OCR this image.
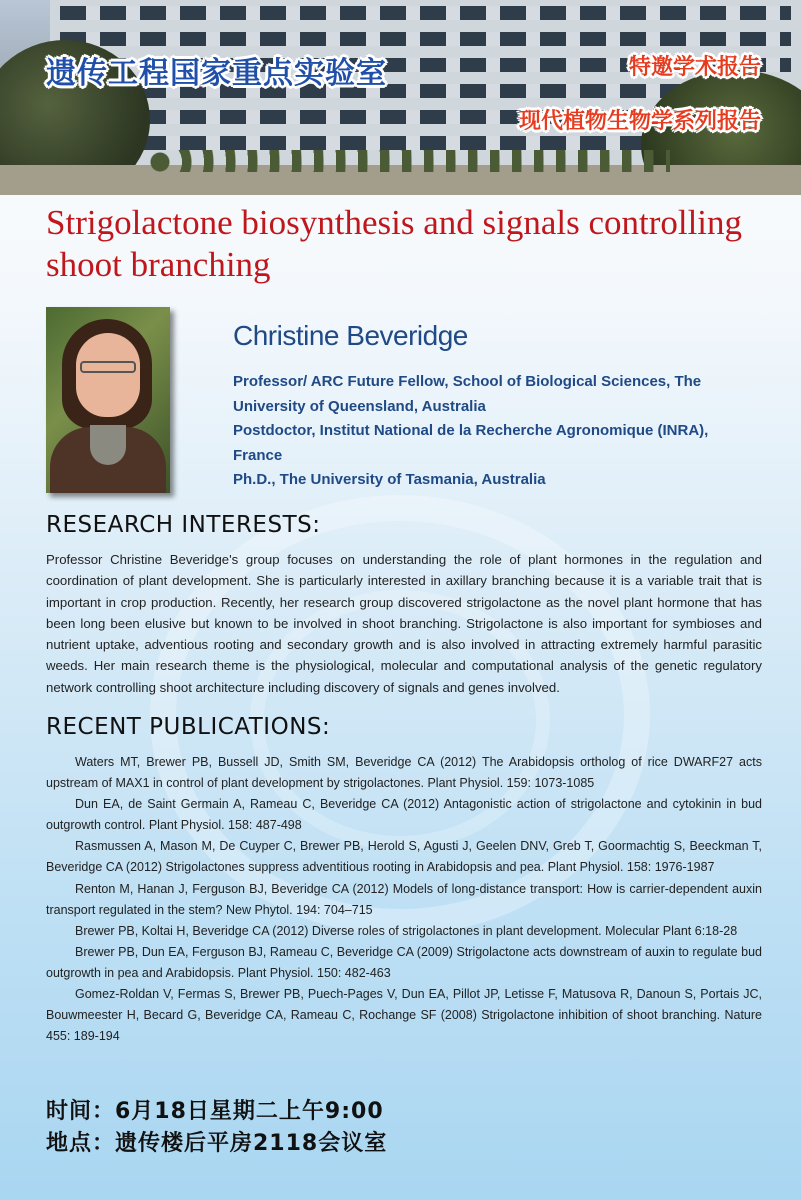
遗传工程国家重点实验室	特邀学术报告
现代植物生物学系列报告
Strigolactone biosynthesis and signals controlling shoot branching
Christine Beveridge
Professor/ ARC Future Fellow, School of Biological Sciences, The University of Queensland, Australia
Postdoctor, Institut National de la Recherche Agronomique (INRA), France
Ph.D., The University of Tasmania, Australia
RESEARCH INTERESTS:
Professor Christine Beveridge's group focuses on understanding the role of plant hormones in the regulation and coordination of plant development. She is particularly interested in axillary branching because it is a variable trait that is important in crop production. Recently, her research group discovered strigolactone as the novel plant hormone that has been long been elusive but known to be involved in shoot branching. Strigolactone is also important for symbioses and nutrient uptake, adventious rooting and secondary growth and is also involved in attracting extremely harmful parasitic weeds. Her main research theme is the physiological, molecular and computational analysis of the genetic regulatory network controlling shoot architecture including discovery of signals and genes involved.
RECENT PUBLICATIONS:

Waters MT, Brewer PB, Bussell JD, Smith SM, Beveridge CA (2012) The Arabidopsis ortholog of rice DWARF27 acts upstream of MAX1 in control of plant development by strigolactones. Plant Physiol. 159: 1073-1085

Dun EA, de Saint Germain A, Rameau C, Beveridge CA (2012) Antagonistic action of strigolactone and cytokinin in bud outgrowth control. Plant Physiol. 158: 487-498

Rasmussen A, Mason M, De Cuyper C, Brewer PB, Herold S, Agusti J, Geelen DNV, Greb T, Goormachtig S, Beeckman T, Beveridge CA (2012) Strigolactones suppress adventitious rooting in Arabidopsis and pea. Plant Physiol. 158: 1976-1987

Renton M, Hanan J, Ferguson BJ, Beveridge CA (2012) Models of long-distance transport: How is carrier-dependent auxin transport regulated in the stem? New Phytol. 194: 704–715

Brewer PB, Koltai H, Beveridge CA (2012) Diverse roles of strigolactones in plant development. Molecular Plant 6:18-28

Brewer PB, Dun EA, Ferguson BJ, Rameau C, Beveridge CA (2009) Strigolactone acts downstream of auxin to regulate bud outgrowth in pea and Arabidopsis. Plant Physiol. 150: 482-463

Gomez-Roldan V, Fermas S, Brewer PB, Puech-Pages V, Dun EA, Pillot JP, Letisse F, Matusova R, Danoun S, Portais JC, Bouwmeester H, Becard G, Beveridge CA, Rameau C, Rochange SF (2008) Strigolactone inhibition of shoot branching. Nature 455: 189-194

时间：6月18日星期二上午9:00
地点：遗传楼后平房2118会议室
